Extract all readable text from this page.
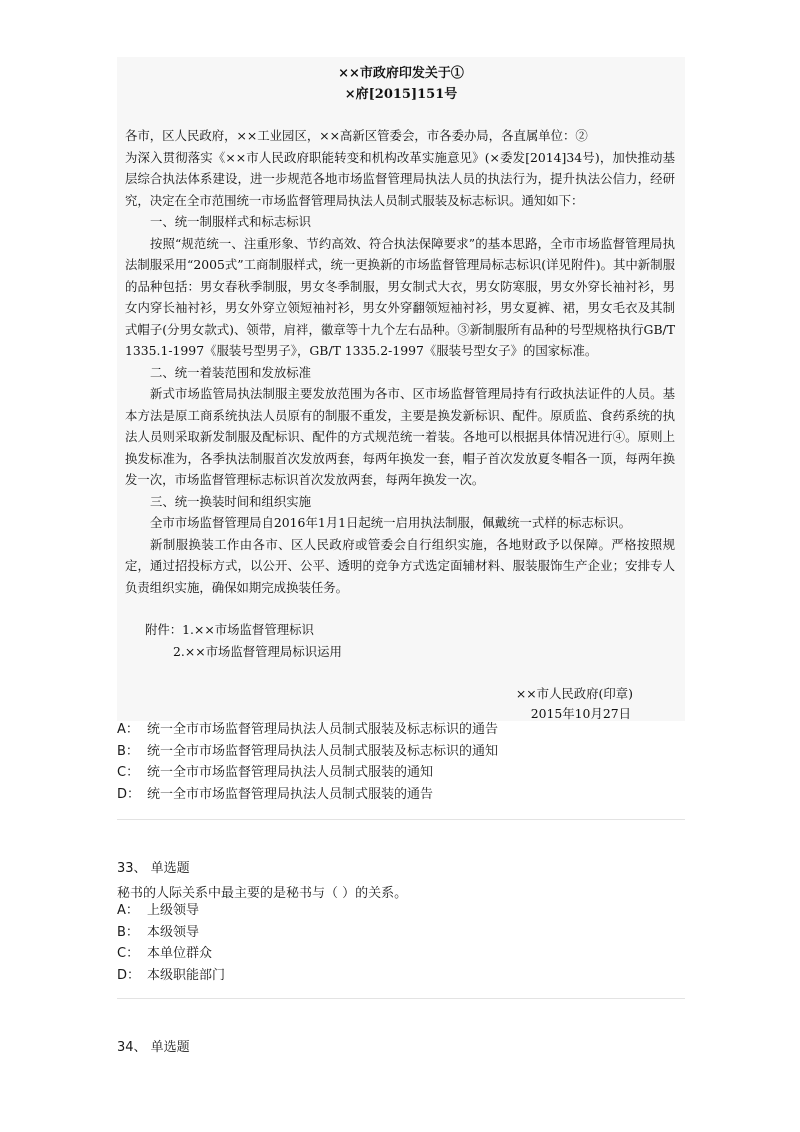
××市政府印发关于①
×府[2015]151号

各市，区人民政府，××工业园区，××高新区管委会，市各委办局，各直属单位：②

为深入贯彻落实《××市人民政府职能转变和机构改革实施意见》(×委发[2014]34号)，加快推动基层综合执法体系建设，进一步规范各地市场监督管理局执法人员的执法行为，提升执法公信力，经研究，决定在全市范围统一市场监督管理局执法人员制式服装及标志标识。通知如下：

一、统一制服样式和标志标识

按照“规范统一、注重形象、节约高效、符合执法保障要求”的基本思路，全市市场监督管理局执法制服采用“2005式”工商制服样式，统一更换新的市场监督管理局标志标识(详见附件)。其中新制服的品种包括：男女春秋季制服，男女冬季制服，男女制式大衣，男女防寒服，男女外穿长袖衬衫，男女内穿长袖衬衫，男女外穿立领短袖衬衫，男女外穿翻领短袖衬衫，男女夏裤、裙，男女毛衣及其制式帽子(分男女款式)、领带，肩袢，徽章等十九个左右品种。③新制服所有品种的号型规格执行GB/T 1335.1-1997《服装号型男子》，GB/T 1335.2-1997《服装号型女子》的国家标准。

二、统一着装范围和发放标准

新式市场监管局执法制服主要发放范围为各市、区市场监督管理局持有行政执法证件的人员。基本方法是原工商系统执法人员原有的制服不重发，主要是换发新标识、配件。原质监、食药系统的执法人员则采取新发制服及配标识、配件的方式规范统一着装。各地可以根据具体情况进行④。原则上换发标准为，各季执法制服首次发放两套，每两年换发一套，帽子首次发放夏冬帽各一顶，每两年换发一次，市场监督管理标志标识首次发放两套，每两年换发一次。

三、统一换装时间和组织实施

全市市场监督管理局自2016年1月1日起统一启用执法制服，佩戴统一式样的标志标识。

新制服换装工作由各市、区人民政府或管委会自行组织实施，各地财政予以保障。严格按照规定，通过招投标方式，以公开、公平、透明的竞争方式选定面辅材料、服装服饰生产企业；安排专人负责组织实施，确保如期完成换装任务。

附件：1.××市场监督管理标识
2.××市场监督管理局标识运用
××市人民政府(印章)
2015年10月27日
A： 统一全市市场监督管理局执法人员制式服装及标志标识的通告
B： 统一全市市场监督管理局执法人员制式服装及标志标识的通知
C： 统一全市市场监督管理局执法人员制式服装的通知
D： 统一全市市场监督管理局执法人员制式服装的通告
33、 单选题
秘书的人际关系中最主要的是秘书与（ ）的关系。
A： 上级领导
B： 本级领导
C： 本单位群众
D： 本级职能部门
34、 单选题
